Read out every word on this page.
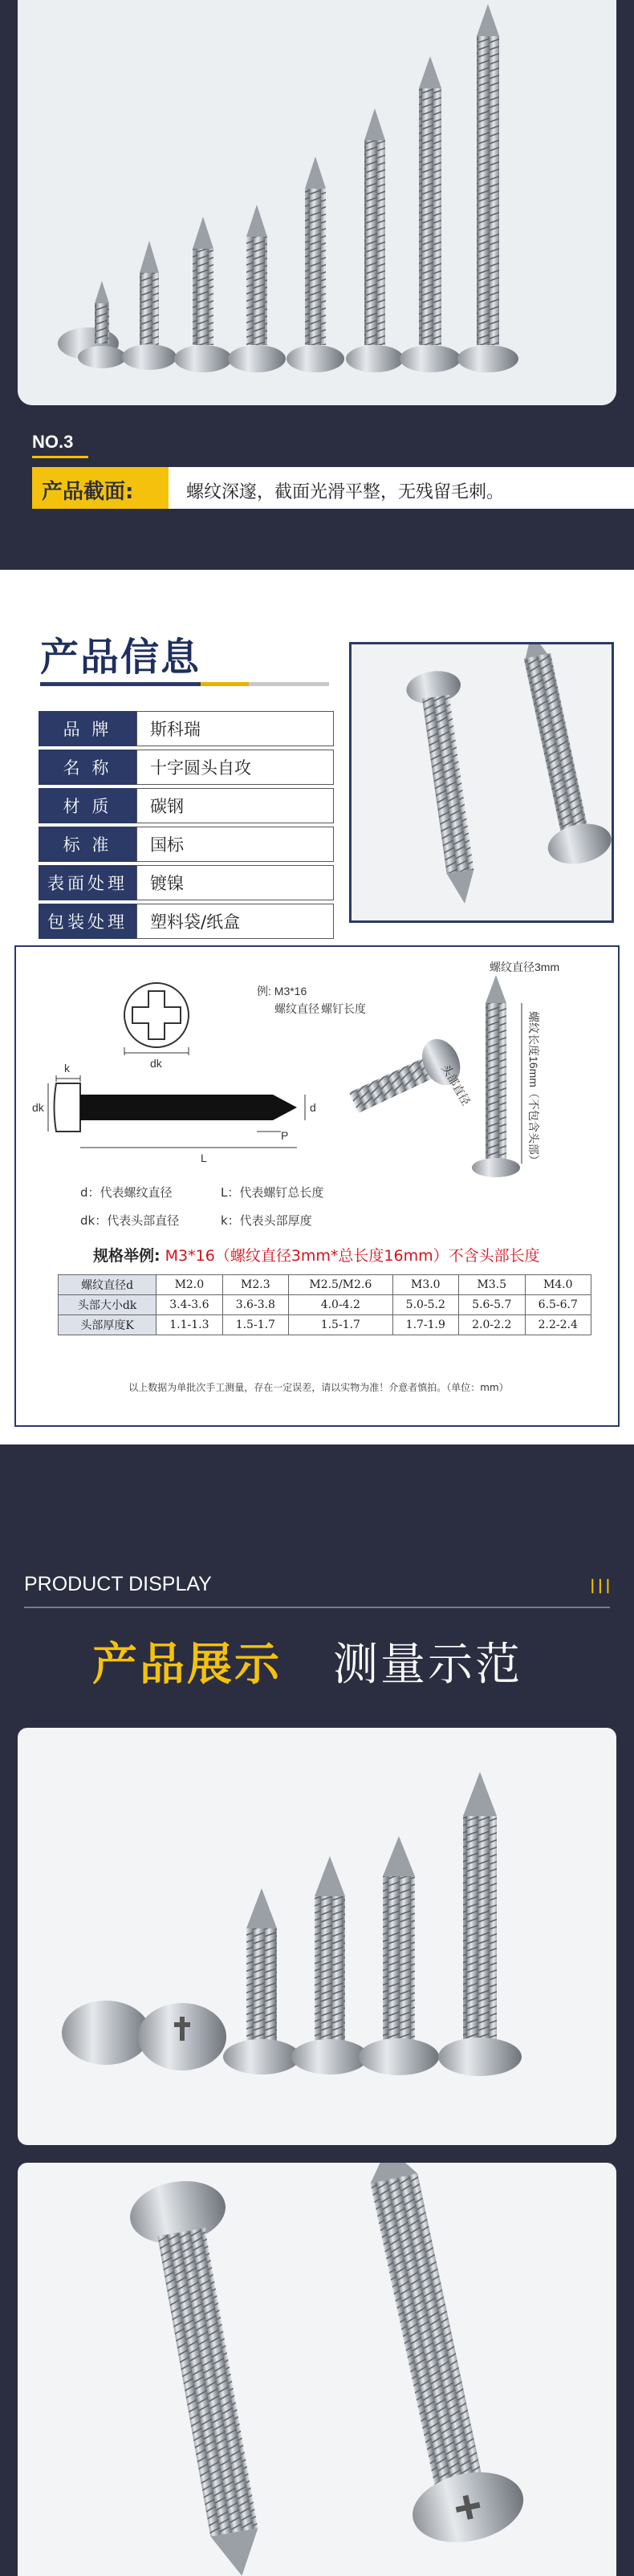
NO.3
产品截面:	螺纹深邃，截面光滑平整，无残留毛刺。
产品信息
品 牌	斯科瑞
名 称	十字圆头自攻
材 质	碳钢
标 准	国标
表面处理	镀镍
包装处理	塑料袋/纸盒
dk
k
dk	d
L
P
例: M3*16
螺纹直径 螺钉长度
头部直径
螺纹直径3mm
螺纹长度16mm（不包含头部）
d：代表螺纹直径	L：代表螺钉总长度
dk：代表头部直径	k：代表头部厚度
规格举例: M3*16（螺纹直径3mm*总长度16mm）不含头部长度
螺纹直径d	M2.0	M2.3	M2.5/M2.6	M3.0	M3.5	M4.0
头部大小dk	3.4-3.6	3.6-3.8	4.0-4.2	5.0-5.2	5.6-5.7	6.5-6.7
头部厚度K	1.1-1.3	1.5-1.7	1.5-1.7	1.7-1.9	2.0-2.2	2.2-2.4
以上数据为单批次手工测量，存在一定误差，请以实物为准！介意者慎拍。（单位：mm）
PRODUCT DISPLAY	|||
产品展示 测量示范
